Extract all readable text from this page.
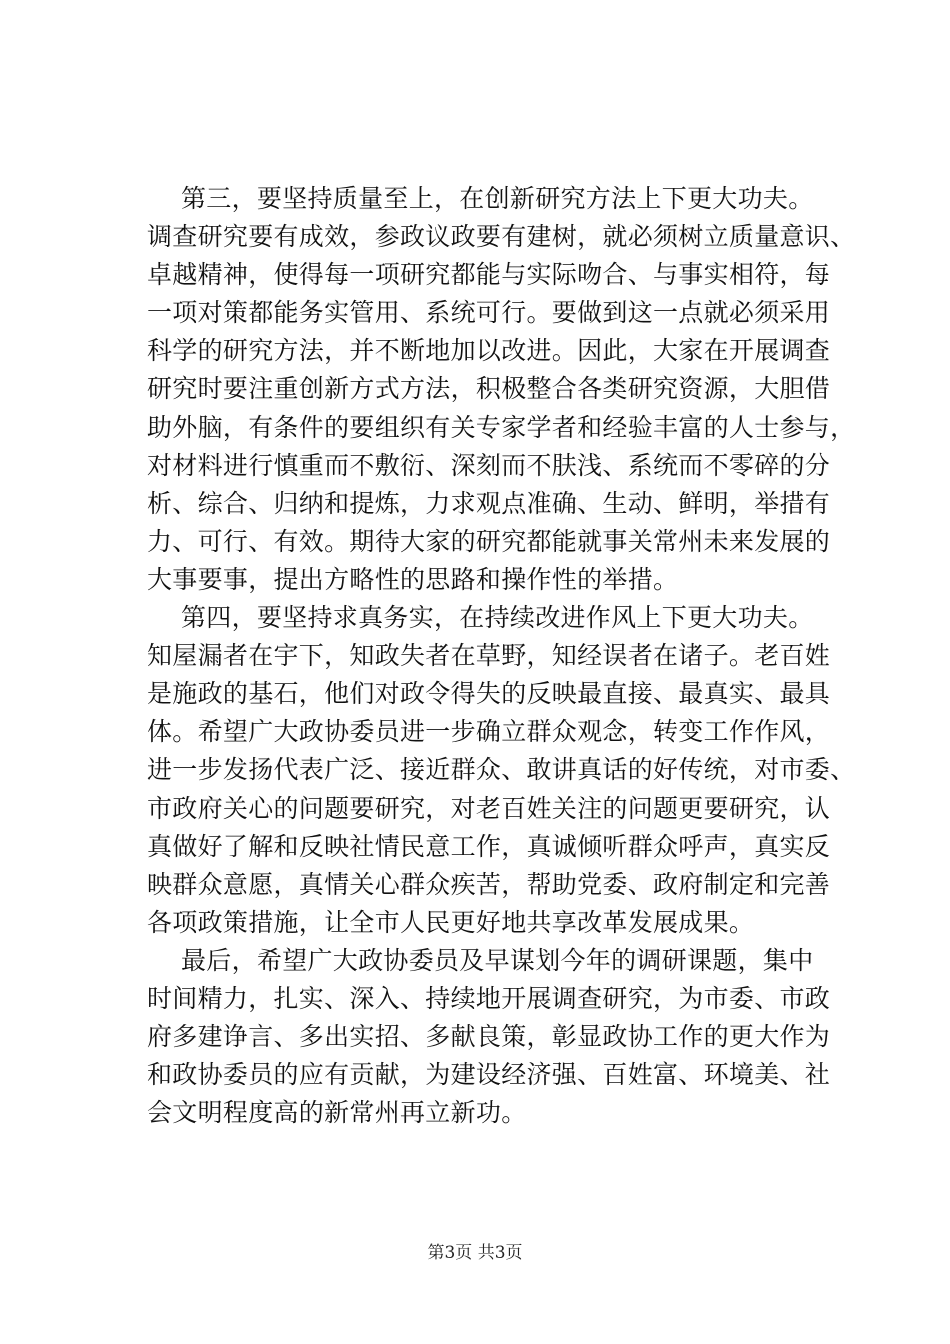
第三，要坚持质量至上，在创新研究方法上下更大功夫。
调查研究要有成效，参政议政要有建树，就必须树立质量意识、
卓越精神，使得每一项研究都能与实际吻合、与事实相符，每
一项对策都能务实管用、系统可行。要做到这一点就必须采用
科学的研究方法，并不断地加以改进。因此，大家在开展调查
研究时要注重创新方式方法，积极整合各类研究资源，大胆借
助外脑，有条件的要组织有关专家学者和经验丰富的人士参与，
对材料进行慎重而不敷衍、深刻而不肤浅、系统而不零碎的分
析、综合、归纳和提炼，力求观点准确、生动、鲜明，举措有
力、可行、有效。期待大家的研究都能就事关常州未来发展的
大事要事，提出方略性的思路和操作性的举措。
第四，要坚持求真务实，在持续改进作风上下更大功夫。
知屋漏者在宇下，知政失者在草野，知经误者在诸子。老百姓
是施政的基石，他们对政令得失的反映最直接、最真实、最具
体。希望广大政协委员进一步确立群众观念，转变工作作风，
进一步发扬代表广泛、接近群众、敢讲真话的好传统，对市委、
市政府关心的问题要研究，对老百姓关注的问题更要研究，认
真做好了解和反映社情民意工作，真诚倾听群众呼声，真实反
映群众意愿，真情关心群众疾苦，帮助党委、政府制定和完善
各项政策措施，让全市人民更好地共享改革发展成果。
最后，希望广大政协委员及早谋划今年的调研课题，集中
时间精力，扎实、深入、持续地开展调查研究，为市委、市政
府多建诤言、多出实招、多献良策，彰显政协工作的更大作为
和政协委员的应有贡献，为建设经济强、百姓富、环境美、社
会文明程度高的新常州再立新功。
第3页 共3页
